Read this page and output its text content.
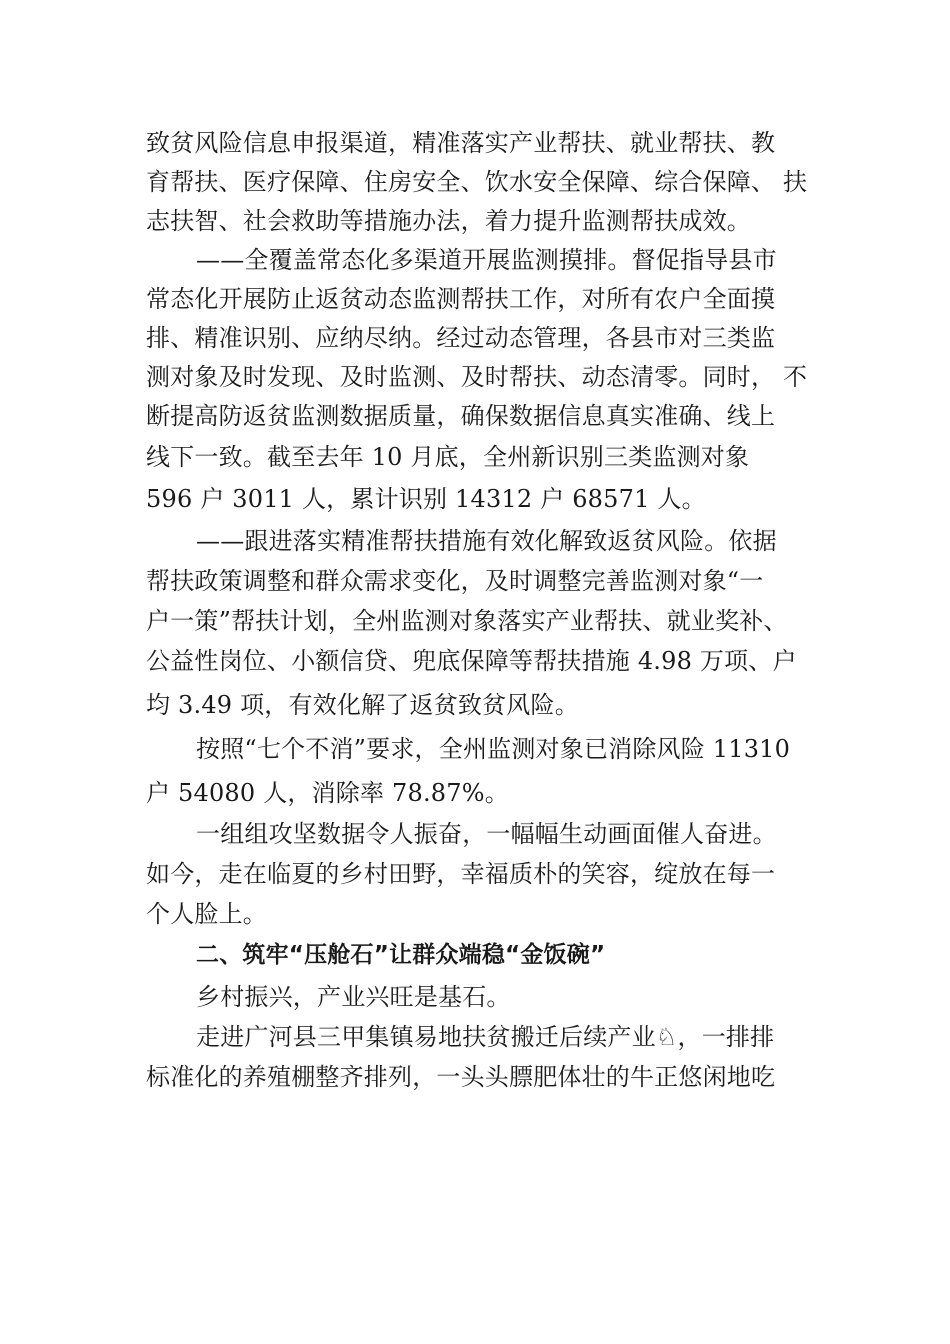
致贫风险信息申报渠道，精准落实产业帮扶、就业帮扶、教
育帮扶、医疗保障、住房安全、饮水安全保障、综合保障、 扶
志扶智、社会救助等措施办法，着力提升监测帮扶成效。
——全覆盖常态化多渠道开展监测摸排。督促指导县市
常态化开展防止返贫动态监测帮扶工作，对所有农户全面摸
排、精准识别、应纳尽纳。经过动态管理，各县市对三类监
测对象及时发现、及时监测、及时帮扶、动态清零。同时， 不
断提高防返贫监测数据质量，确保数据信息真实准确、线上
线下一致。截至去年 10 月底，全州新识别三类监测对象
596 户 3011 人，累计识别 14312 户 68571 人。
——跟进落实精准帮扶措施有效化解致返贫风险。依据
帮扶政策调整和群众需求变化，及时调整完善监测对象“一
户一策”帮扶计划，全州监测对象落实产业帮扶、就业奖补、
公益性岗位、小额信贷、兜底保障等帮扶措施 4.98 万项、户
均 3.49 项，有效化解了返贫致贫风险。
按照“七个不消”要求，全州监测对象已消除风险 11310
户 54080 人，消除率 78.87%。
一组组攻坚数据令人振奋，一幅幅生动画面催人奋进。
如今，走在临夏的乡村田野，幸福质朴的笑容，绽放在每一
个人脸上。
二、筑牢“压舱石”让群众端稳“金饭碗”
乡村振兴，产业兴旺是基石。
走进广河县三甲集镇易地扶贫搬迁后续产业♘，一排排
标准化的养殖棚整齐排列，一头头膘肥体壮的牛正悠闲地吃
